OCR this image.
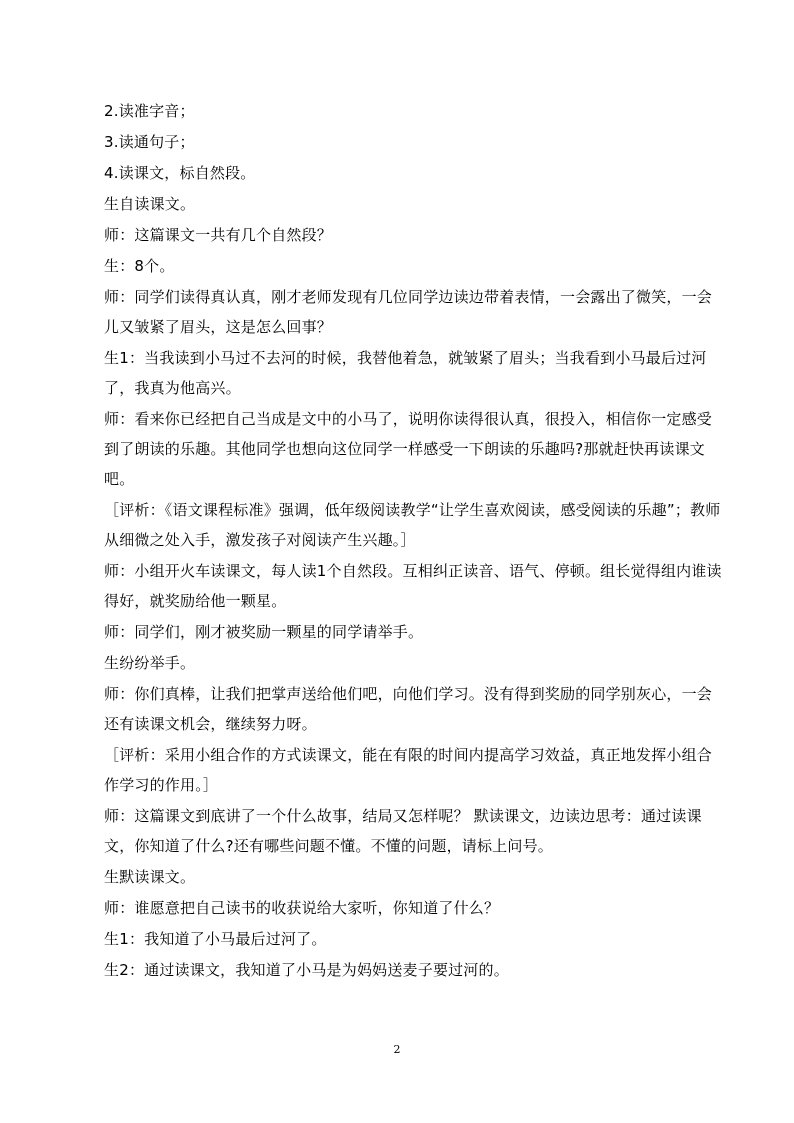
2.读准字音；

3.读通句子；

4.读课文，标自然段。

生自读课文。

师：这篇课文一共有几个自然段？

生：8个。

师：同学们读得真认真，刚才老师发现有几位同学边读边带着表情，一会露出了微笑，一会儿又皱紧了眉头，这是怎么回事？

生1：当我读到小马过不去河的时候，我替他着急，就皱紧了眉头；当我看到小马最后过河了，我真为他高兴。

师：看来你已经把自己当成是文中的小马了，说明你读得很认真，很投入，相信你一定感受到了朗读的乐趣。其他同学也想向这位同学一样感受一下朗读的乐趣吗?那就赶快再读课文吧。

［评析：《语文课程标准》强调，低年级阅读教学“让学生喜欢阅读，感受阅读的乐趣”；教师从细微之处入手，激发孩子对阅读产生兴趣。］

师：小组开火车读课文，每人读1个自然段。互相纠正读音、语气、停顿。组长觉得组内谁读得好，就奖励给他一颗星。

师：同学们，刚才被奖励一颗星的同学请举手。

生纷纷举手。

师：你们真棒，让我们把掌声送给他们吧，向他们学习。没有得到奖励的同学别灰心，一会还有读课文机会，继续努力呀。

［评析：采用小组合作的方式读课文，能在有限的时间内提高学习效益，真正地发挥小组合作学习的作用。］

师：这篇课文到底讲了一个什么故事，结局又怎样呢？ 默读课文，边读边思考：通过读课文，你知道了什么?还有哪些问题不懂。不懂的问题，请标上问号。

生默读课文。

师：谁愿意把自己读书的收获说给大家听，你知道了什么？

生1：我知道了小马最后过河了。

生2：通过读课文，我知道了小马是为妈妈送麦子要过河的。

2
